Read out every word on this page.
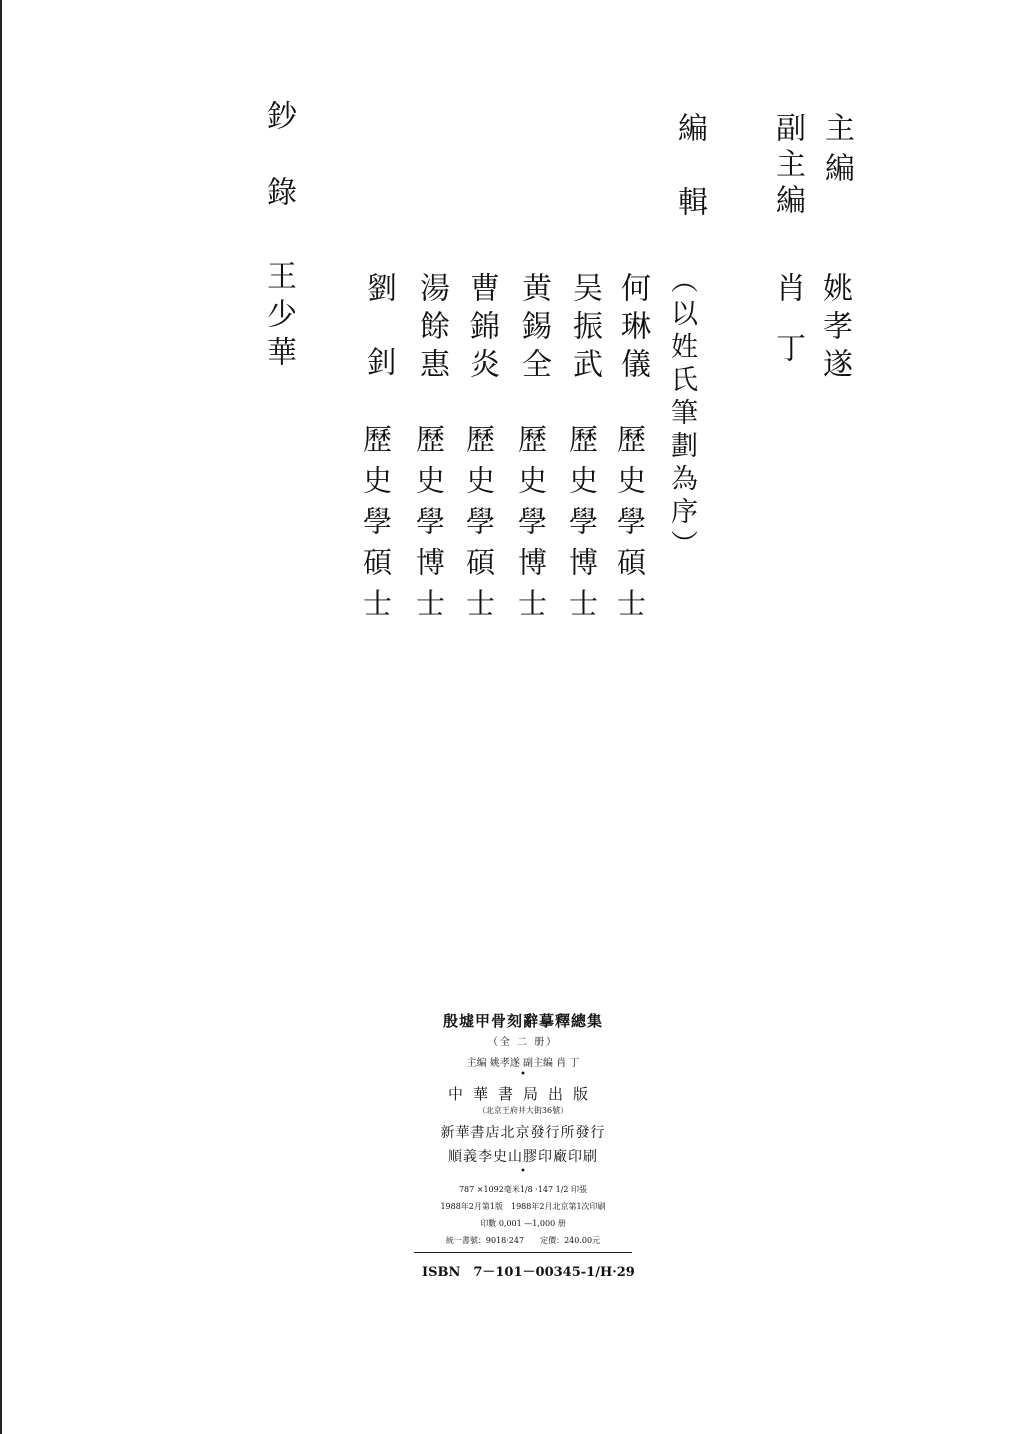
主編
姚孝遂
副主編
肖丁
編輯
（以姓氏筆劃為序）
何琳儀
吴振武
黄錫全
曹錦炎
湯餘惠
劉釗
歷史學碩士
歷史學博士
歷史學博士
歷史學碩士
歷史學博士
歷史學碩士
鈔錄
王少華
殷墟甲骨刻辭摹釋總集
（全 二 册）
主编 姚孝遂 副主编 肖 丁
•
中華書局出版
（北京王府井大街36號）
新華書店北京發行所發行
順義李史山膠印廠印刷
•
787 ×1092毫米1/8 ·147 1/2 印張
1988年2月第1版　1988年2月北京第1次印刷
印數 0,001 —1,000 册
統一書號：9018·247　　定價：240.00元
ISBN　7－101－00345-1/H·29
